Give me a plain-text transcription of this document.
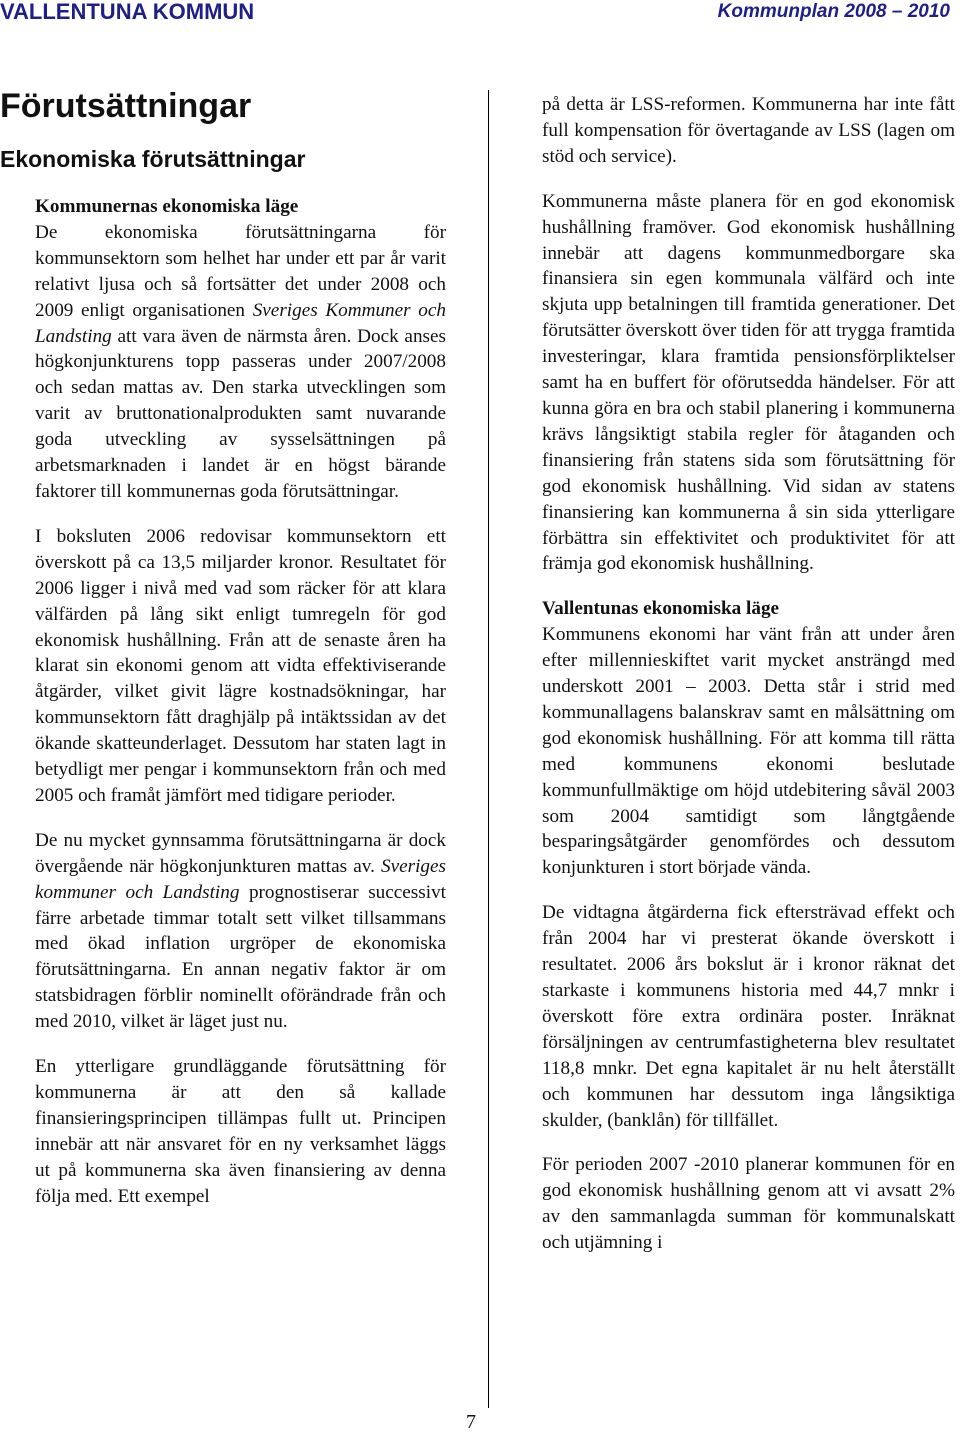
VALLENTUNA KOMMUN	Kommunplan 2008 – 2010
Förutsättningar
Ekonomiska förutsättningar
Kommunernas ekonomiska läge

De ekonomiska förutsättningarna för kommunsektorn som helhet har under ett par år varit relativt ljusa och så fortsätter det under 2008 och 2009 enligt organisationen Sveriges Kommuner och Landsting att vara även de närmsta åren. Dock anses högkonjunkturens topp passeras under 2007/2008 och sedan mattas av. Den starka utvecklingen som varit av bruttonationalprodukten samt nuvarande goda utveckling av sysselsättningen på arbetsmarknaden i landet är en högst bärande faktorer till kommunernas goda förutsättningar.

I boksluten 2006 redovisar kommunsektorn ett överskott på ca 13,5 miljarder kronor. Resultatet för 2006 ligger i nivå med vad som räcker för att klara välfärden på lång sikt enligt tumregeln för god ekonomisk hushållning. Från att de senaste åren ha klarat sin ekonomi genom att vidta effektiviserande åtgärder, vilket givit lägre kostnadsökningar, har kommunsektorn fått draghjälp på intäktssidan av det ökande skatteunderlaget. Dessutom har staten lagt in betydligt mer pengar i kommunsektorn från och med 2005 och framåt jämfört med tidigare perioder.

De nu mycket gynnsamma förutsättningarna är dock övergående när högkonjunkturen mattas av. Sveriges kommuner och Landsting prognostiserar successivt färre arbetade timmar totalt sett vilket tillsammans med ökad inflation urgröper de ekonomiska förutsättningarna. En annan negativ faktor är om statsbidragen förblir nominellt oförändrade från och med 2010, vilket är läget just nu.

En ytterligare grundläggande förutsättning för kommunerna är att den så kallade finansieringsprincipen tillämpas fullt ut. Principen innebär att när ansvaret för en ny verksamhet läggs ut på kommunerna ska även finansiering av denna följa med. Ett exempel

på detta är LSS-reformen. Kommunerna har inte fått full kompensation för övertagande av LSS (lagen om stöd och service).

Kommunerna måste planera för en god ekonomisk hushållning framöver. God ekonomisk hushållning innebär att dagens kommunmedborgare ska finansiera sin egen kommunala välfärd och inte skjuta upp betalningen till framtida generationer. Det förutsätter överskott över tiden för att trygga framtida investeringar, klara framtida pensionsförpliktelser samt ha en buffert för oförutsedda händelser. För att kunna göra en bra och stabil planering i kommunerna krävs långsiktigt stabila regler för åtaganden och finansiering från statens sida som förutsättning för god ekonomisk hushållning. Vid sidan av statens finansiering kan kommunerna å sin sida ytterligare förbättra sin effektivitet och produktivitet för att främja god ekonomisk hushållning.

Vallentunas ekonomiska läge

Kommunens ekonomi har vänt från att under åren efter millennieskiftet varit mycket ansträngd med underskott 2001 – 2003. Detta står i strid med kommunallagens balanskrav samt en målsättning om god ekonomisk hushållning. För att komma till rätta med kommunens ekonomi beslutade kommunfullmäktige om höjd utdebitering såväl 2003 som 2004 samtidigt som långtgående besparingsåtgärder genomfördes och dessutom konjunkturen i stort började vända.

De vidtagna åtgärderna fick eftersträvad effekt och från 2004 har vi presterat ökande överskott i resultatet. 2006 års bokslut är i kronor räknat det starkaste i kommunens historia med 44,7 mnkr i överskott före extra ordinära poster. Inräknat försäljningen av centrumfastigheterna blev resultatet 118,8 mnkr. Det egna kapitalet är nu helt återställt och kommunen har dessutom inga långsiktiga skulder, (banklån) för tillfället.

För perioden 2007 -2010 planerar kommunen för en god ekonomisk hushållning genom att vi avsatt 2% av den sammanlagda summan för kommunalskatt och utjämning i

7
